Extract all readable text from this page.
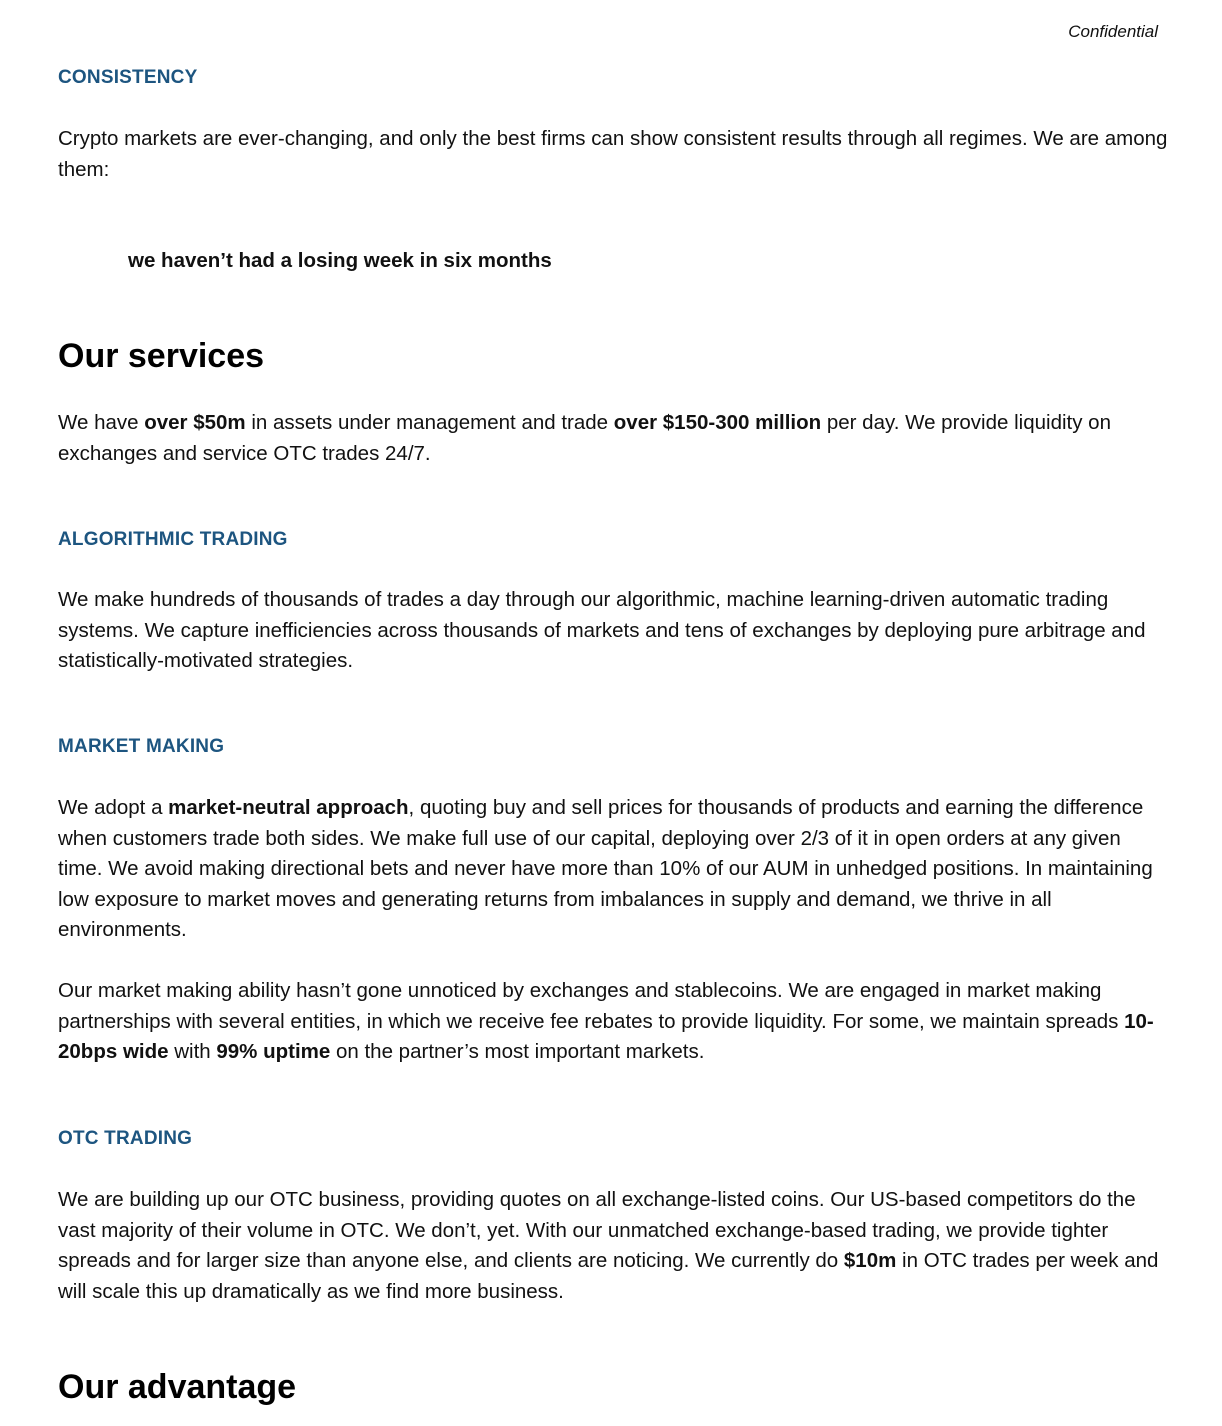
Confidential
CONSISTENCY

Crypto markets are ever-changing, and only the best firms can show consistent results through all regimes. We are among them:

we haven’t had a losing week in six months

Our services

We have over $50m in assets under management and trade over $150-300 million per day. We provide liquidity on exchanges and service OTC trades 24/7.

ALGORITHMIC TRADING

We make hundreds of thousands of trades a day through our algorithmic, machine learning-driven automatic trading systems. We capture inefficiencies across thousands of markets and tens of exchanges by deploying pure arbitrage and statistically-motivated strategies.

MARKET MAKING

We adopt a market-neutral approach, quoting buy and sell prices for thousands of products and earning the difference when customers trade both sides. We make full use of our capital, deploying over 2/3 of it in open orders at any given time. We avoid making directional bets and never have more than 10% of our AUM in unhedged positions. In maintaining low exposure to market moves and generating returns from imbalances in supply and demand, we thrive in all environments.

Our market making ability hasn’t gone unnoticed by exchanges and stablecoins. We are engaged in market making partnerships with several entities, in which we receive fee rebates to provide liquidity. For some, we maintain spreads 10-20bps wide with 99% uptime on the partner’s most important markets.

OTC TRADING

We are building up our OTC business, providing quotes on all exchange-listed coins. Our US-based competitors do the vast majority of their volume in OTC. We don’t, yet. With our unmatched exchange-based trading, we provide tighter spreads and for larger size than anyone else, and clients are noticing. We currently do $10m in OTC trades per week and will scale this up dramatically as we find more business.

Our advantage
